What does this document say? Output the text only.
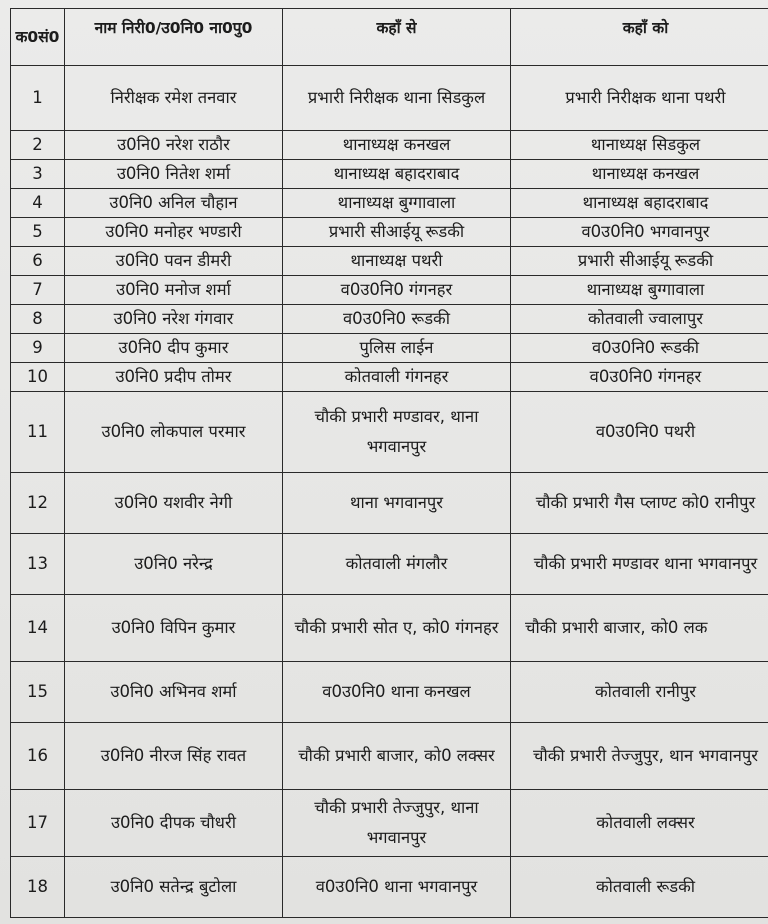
क0सं0	नाम निरी0/उ0नि0 ना0पु0	कहाँ से	कहाँ को
1	निरीक्षक रमेश तनवार	प्रभारी निरीक्षक थाना सिडकुल	प्रभारी निरीक्षक थाना पथरी
2	उ0नि0 नरेश राठौर	थानाध्यक्ष कनखल	थानाध्यक्ष सिडकुल
3	उ0नि0 नितेश शर्मा	थानाध्यक्ष बहादराबाद	थानाध्यक्ष कनखल
4	उ0नि0 अनिल चौहान	थानाध्यक्ष बुग्गावाला	थानाध्यक्ष बहादराबाद
5	उ0नि0 मनोहर भण्डारी	प्रभारी सीआईयू रूडकी	व0उ0नि0 भगवानपुर
6	उ0नि0 पवन डीमरी	थानाध्यक्ष पथरी	प्रभारी सीआईयू रूडकी
7	उ0नि0 मनोज शर्मा	व0उ0नि0 गंगनहर	थानाध्यक्ष बुग्गावाला
8	उ0नि0 नरेश गंगवार	व0उ0नि0 रूडकी	कोतवाली ज्वालापुर
9	उ0नि0 दीप कुमार	पुलिस लाईन	व0उ0नि0 रूडकी
10	उ0नि0 प्रदीप तोमर	कोतवाली गंगनहर	व0उ0नि0 गंगनहर
11	उ0नि0 लोकपाल परमार	चौकी प्रभारी मण्डावर, थाना भगवानपुर	व0उ0नि0 पथरी
12	उ0नि0 यशवीर नेगी	थाना भगवानपुर	चौकी प्रभारी गैस प्लाण्ट को0 रानीपुर
13	उ0नि0 नरेन्द्र	कोतवाली मंगलौर	चौकी प्रभारी मण्डावर थाना भगवानपुर
14	उ0नि0 विपिन कुमार	चौकी प्रभारी सोत ए, को0 गंगनहर	चौकी प्रभारी बाजार, को0 लक
15	उ0नि0 अभिनव शर्मा	व0उ0नि0 थाना कनखल	कोतवाली रानीपुर
16	उ0नि0 नीरज सिंह रावत	चौकी प्रभारी बाजार, को0 लक्सर	चौकी प्रभारी तेज्जुपुर, थान भगवानपुर
17	उ0नि0 दीपक चौधरी	चौकी प्रभारी तेज्जुपुर, थाना भगवानपुर	कोतवाली लक्सर
18	उ0नि0 सतेन्द्र बुटोला	व0उ0नि0 थाना भगवानपुर	कोतवाली रूडकी
